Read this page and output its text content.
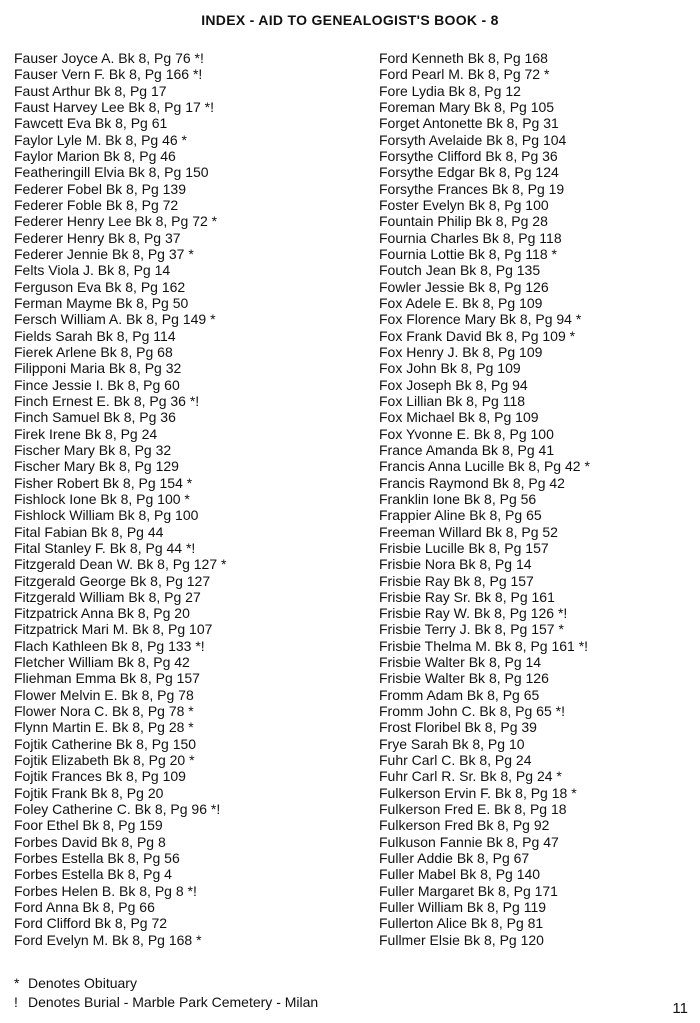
INDEX - AID TO GENEALOGIST'S BOOK - 8
Fauser Joyce A. Bk 8, Pg 76 *!
Fauser Vern F. Bk 8, Pg 166 *!
Faust Arthur Bk 8, Pg 17
Faust Harvey Lee Bk 8, Pg 17 *!
Fawcett Eva Bk 8, Pg 61
Faylor Lyle M. Bk 8, Pg 46 *
Faylor Marion Bk 8, Pg 46
Featheringill Elvia Bk 8, Pg 150
Federer Fobel Bk 8, Pg 139
Federer Foble Bk 8, Pg 72
Federer Henry Lee Bk 8, Pg 72 *
Federer Henry Bk 8, Pg 37
Federer Jennie Bk 8, Pg 37 *
Felts Viola J. Bk 8, Pg 14
Ferguson Eva Bk 8, Pg 162
Ferman Mayme Bk 8, Pg 50
Fersch William A. Bk 8, Pg 149 *
Fields Sarah Bk 8, Pg 114
Fierek Arlene Bk 8, Pg 68
Filipponi Maria Bk 8, Pg 32
Fince Jessie I. Bk 8, Pg 60
Finch Ernest E. Bk 8, Pg 36 *!
Finch Samuel Bk 8, Pg 36
Firek Irene Bk 8, Pg 24
Fischer Mary Bk 8, Pg 32
Fischer Mary Bk 8, Pg 129
Fisher Robert Bk 8, Pg 154 *
Fishlock Ione Bk 8, Pg 100 *
Fishlock William Bk 8, Pg 100
Fital Fabian Bk 8, Pg 44
Fital Stanley F. Bk 8, Pg 44 *!
Fitzgerald Dean W. Bk 8, Pg 127 *
Fitzgerald George Bk 8, Pg 127
Fitzgerald William Bk 8, Pg 27
Fitzpatrick Anna Bk 8, Pg 20
Fitzpatrick Mari M. Bk 8, Pg 107
Flach Kathleen Bk 8, Pg 133 *!
Fletcher William Bk 8, Pg 42
Fliehman Emma Bk 8, Pg 157
Flower Melvin E. Bk 8, Pg 78
Flower Nora C. Bk 8, Pg 78 *
Flynn Martin E. Bk 8, Pg 28 *
Fojtik Catherine Bk 8, Pg 150
Fojtik Elizabeth Bk 8, Pg 20 *
Fojtik Frances Bk 8, Pg 109
Fojtik Frank Bk 8, Pg 20
Foley Catherine C. Bk 8, Pg 96 *!
Foor Ethel Bk 8, Pg 159
Forbes David Bk 8, Pg 8
Forbes Estella Bk 8, Pg 56
Forbes Estella Bk 8, Pg 4
Forbes Helen B. Bk 8, Pg 8 *!
Ford Anna Bk 8, Pg 66
Ford Clifford Bk 8, Pg 72
Ford Evelyn M. Bk 8, Pg 168 *
Ford Kenneth Bk 8, Pg 168
Ford Pearl M. Bk 8, Pg 72 *
Fore Lydia Bk 8, Pg 12
Foreman Mary Bk 8, Pg 105
Forget Antonette Bk 8, Pg 31
Forsyth Avelaide Bk 8, Pg 104
Forsythe Clifford Bk 8, Pg 36
Forsythe Edgar Bk 8, Pg 124
Forsythe Frances Bk 8, Pg 19
Foster Evelyn Bk 8, Pg 100
Fountain Philip Bk 8, Pg 28
Fournia Charles Bk 8, Pg 118
Fournia Lottie Bk 8, Pg 118 *
Foutch Jean Bk 8, Pg 135
Fowler Jessie Bk 8, Pg 126
Fox Adele E. Bk 8, Pg 109
Fox Florence Mary Bk 8, Pg 94 *
Fox Frank David Bk 8, Pg 109 *
Fox Henry J. Bk 8, Pg 109
Fox John Bk 8, Pg 109
Fox Joseph Bk 8, Pg 94
Fox Lillian Bk 8, Pg 118
Fox Michael Bk 8, Pg 109
Fox Yvonne E. Bk 8, Pg 100
France Amanda Bk 8, Pg 41
Francis Anna Lucille Bk 8, Pg 42 *
Francis Raymond Bk 8, Pg 42
Franklin Ione Bk 8, Pg 56
Frappier Aline Bk 8, Pg 65
Freeman Willard Bk 8, Pg 52
Frisbie Lucille Bk 8, Pg 157
Frisbie Nora Bk 8, Pg 14
Frisbie Ray Bk 8, Pg 157
Frisbie Ray Sr. Bk 8, Pg 161
Frisbie Ray W. Bk 8, Pg 126 *!
Frisbie Terry J. Bk 8, Pg 157 *
Frisbie Thelma M. Bk 8, Pg 161 *!
Frisbie Walter Bk 8, Pg 14
Frisbie Walter Bk 8, Pg 126
Fromm Adam Bk 8, Pg 65
Fromm John C. Bk 8, Pg 65 *!
Frost Floribel Bk 8, Pg 39
Frye Sarah Bk 8, Pg 10
Fuhr Carl C. Bk 8, Pg 24
Fuhr Carl R. Sr. Bk 8, Pg 24 *
Fulkerson Ervin F. Bk 8, Pg 18 *
Fulkerson Fred E. Bk 8, Pg 18
Fulkerson Fred Bk 8, Pg 92
Fulkuson Fannie Bk 8, Pg 47
Fuller Addie Bk 8, Pg 67
Fuller Mabel Bk 8, Pg 140
Fuller Margaret Bk 8, Pg 171
Fuller William Bk 8, Pg 119
Fullerton Alice Bk 8, Pg 81
Fullmer Elsie Bk 8, Pg 120
* Denotes Obituary
! Denotes Burial - Marble Park Cemetery - Milan	11
